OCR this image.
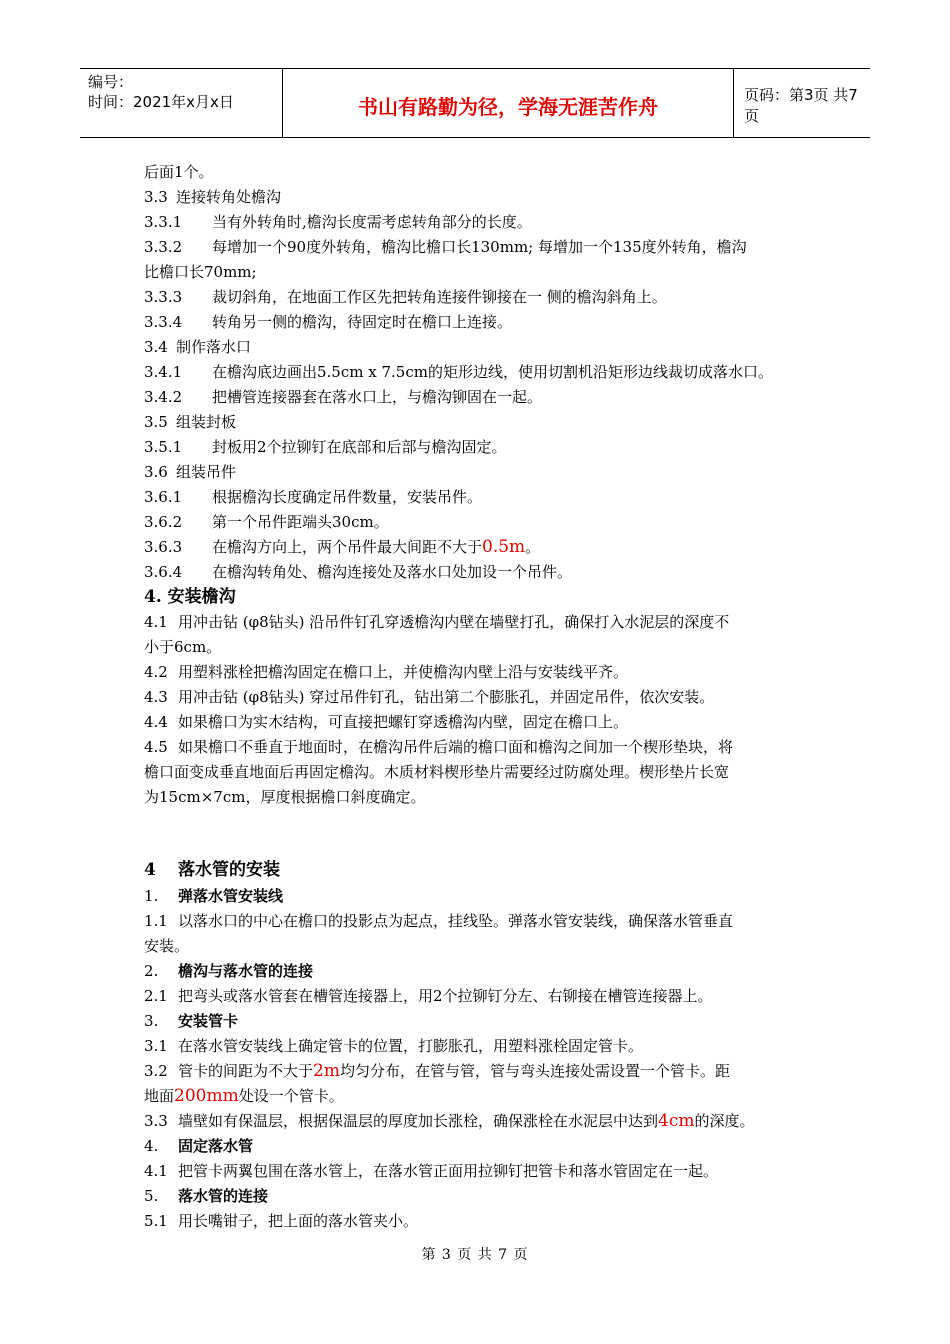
编号：
时间：2021年x月x日	书山有路勤为径，学海无涯苦作舟	页码：第3页 共7页
后面1个。
3.3 连接转角处檐沟
3.3.1 当有外转角时,檐沟长度需考虑转角部分的长度。
3.3.2 每增加一个90度外转角，檐沟比檐口长130mm; 每增加一个135度外转角，檐沟
比檐口长70mm;
3.3.3 裁切斜角，在地面工作区先把转角连接件铆接在一 侧的檐沟斜角上。
3.3.4 转角另一侧的檐沟，待固定时在檐口上连接。
3.4 制作落水口
3.4.1 在檐沟底边画出5.5cm x 7.5cm的矩形边线，使用切割机沿矩形边线裁切成落水口。
3.4.2 把槽管连接器套在落水口上，与檐沟铆固在一起。
3.5 组装封板
3.5.1 封板用2个拉铆钉在底部和后部与檐沟固定。
3.6 组装吊件
3.6.1 根据檐沟长度确定吊件数量，安装吊件。
3.6.2 第一个吊件距端头30cm。
3.6.3 在檐沟方向上，两个吊件最大间距不大于0.5m。
3.6.4 在檐沟转角处、檐沟连接处及落水口处加设一个吊件。
4. 安装檐沟
4.1 用冲击钻 (φ8钻头) 沿吊件钉孔穿透檐沟内壁在墙壁打孔，确保打入水泥层的深度不
小于6cm。
4.2 用塑料涨栓把檐沟固定在檐口上，并使檐沟内壁上沿与安装线平齐。
4.3 用冲击钻 (φ8钻头) 穿过吊件钉孔，钻出第二个膨胀孔，并固定吊件，依次安装。
4.4 如果檐口为实木结构，可直接把螺钉穿透檐沟内壁，固定在檐口上。
4.5 如果檐口不垂直于地面时，在檐沟吊件后端的檐口面和檐沟之间加一个楔形垫块，将
檐口面变成垂直地面后再固定檐沟。木质材料楔形垫片需要经过防腐处理。楔形垫片长宽
为15cm×7cm，厚度根据檐口斜度确定。
4 落水管的安装
1. 弹落水管安装线
1.1 以落水口的中心在檐口的投影点为起点，挂线坠。弹落水管安装线，确保落水管垂直
安装。
2. 檐沟与落水管的连接
2.1 把弯头或落水管套在槽管连接器上，用2个拉铆钉分左、右铆接在槽管连接器上。
3. 安装管卡
3.1 在落水管安装线上确定管卡的位置，打膨胀孔，用塑料涨栓固定管卡。
3.2 管卡的间距为不大于2m均匀分布，在管与管，管与弯头连接处需设置一个管卡。距
地面200mm处设一个管卡。
3.3 墙壁如有保温层，根据保温层的厚度加长涨栓，确保涨栓在水泥层中达到4cm的深度。
4. 固定落水管
4.1 把管卡两翼包围在落水管上，在落水管正面用拉铆钉把管卡和落水管固定在一起。
5. 落水管的连接
5.1 用长嘴钳子，把上面的落水管夹小。
第 3 页 共 7 页
